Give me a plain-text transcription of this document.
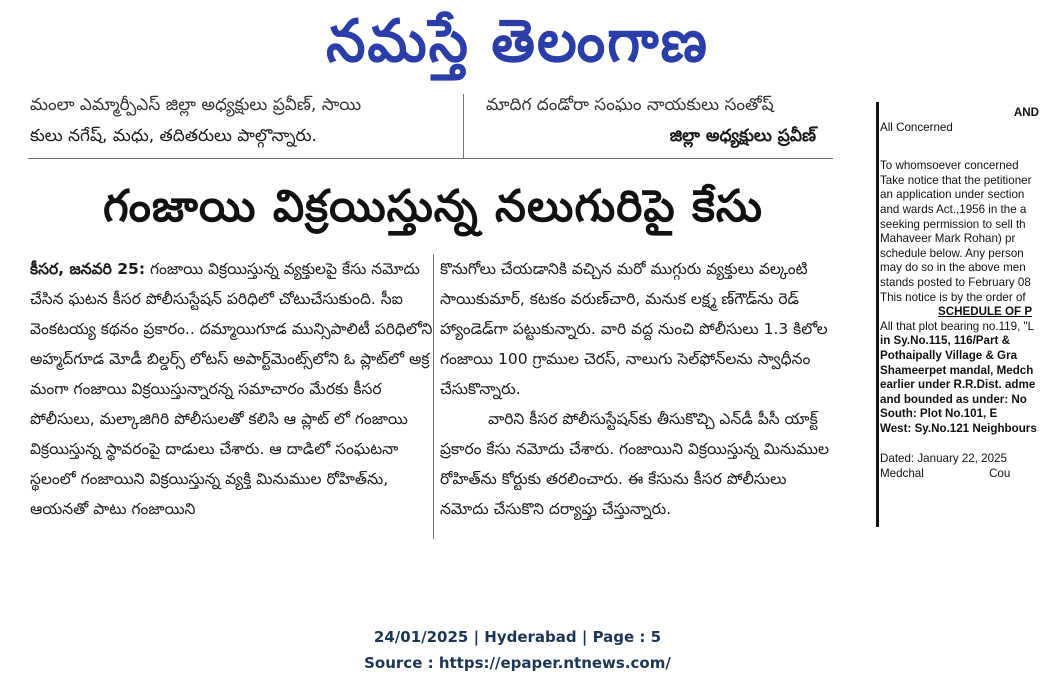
నమస్తే తెలంగాణ
మంలా ఎమ్మార్పీఎస్ జిల్లా అధ్యక్షులు ప్రవీణ్, సాయి
కులు నగేష్, మధు, తదితరులు పాల్గొన్నారు.
మాదిగ దండోరా సంఘం నాయకులు సంతోష్
జిల్లా అధ్యక్షులు ప్రవీణ్
గంజాయి విక్రయిస్తున్న నలుగురిపై కేసు

కీసర, జనవరి 25: గంజాయి విక్రయిస్తున్న వ్యక్తులపై కేసు నమోదు చేసిన ఘటన కీసర పోలీసుస్టేషన్ పరిధిలో చోటుచేసుకుంది. సీఐ వెంకటయ్య కథనం ప్రకారం.. దమ్మాయిగూడ మున్సిపాలిటీ పరిధిలోని అహ్మద్‌గూడ మోడీ బిల్డర్స్ లోటస్ అపార్ట్‌మెంట్స్‌లోని ఓ ప్లాట్‌లో అక్ర మంగా గంజాయి విక్రయిస్తున్నారన్న సమాచారం మేరకు కీసర పోలీసులు, మల్కాజిగిరి పోలీసులతో కలిసి ఆ ప్లాట్ లో గంజాయి విక్రయిస్తున్న స్థావరంపై దాడులు చేశారు. ఆ దాడిలో సంఘటనా స్థలంలో గంజాయిని విక్రయిస్తున్న వ్యక్తి మినుముల రోహిత్‌ను, ఆయనతో పాటు గంజాయిని

కొనుగోలు చేయడానికి వచ్చిన మరో ముగ్గురు వ్యక్తులు వల్కంటి సాయికుమార్, కటకం వరుణ్‌చారి, మనుక లక్ష్మ ణ్‌గౌడ్‌ను రెడ్ హ్యాండెడ్‌గా పట్టుకున్నారు. వారి వద్ద నుంచి పోలీసులు 1.3 కిలోల గంజాయి 100 గ్రాముల చెరస్, నాలుగు సెల్‌ఫోన్‌లను స్వాధీనం చేసుకొన్నారు.

వారిని కీసర పోలీసుస్టేషన్‌కు తీసుకొచ్చి ఎన్‌డీ పీసీ యాక్ట్ ప్రకారం కేసు నమోదు చేశారు. గంజాయిని విక్రయిస్తున్న మినుముల రోహిత్‌ను కోర్టుకు తరలించారు. ఈ కేసును కీసర పోలీసులు నమోదు చేసుకొని దర్యాప్తు చేస్తున్నారు.

AND
All Concerned
To whomsoever concerned
Take notice that the petitioner
an application under section
and wards Act.,1956 in the a
seeking permission to sell th
Mahaveer Mark Rohan) pr
schedule below. Any person
may do so in the above men
stands posted to February 08
This notice is by the order of
SCHEDULE OF P
All that plot bearing no.119, "L
in Sy.No.115, 116/Part &
Pothaipally Village & Gra
Shameerpet mandal, Medch
earlier under R.R.Dist. adme
and bounded as under: No
South: Plot No.101, E
West: Sy.No.121 Neighbours
Dated: January 22, 2025
Medchal	Cou
24/01/2025 | Hyderabad | Page : 5
Source : https://epaper.ntnews.com/
